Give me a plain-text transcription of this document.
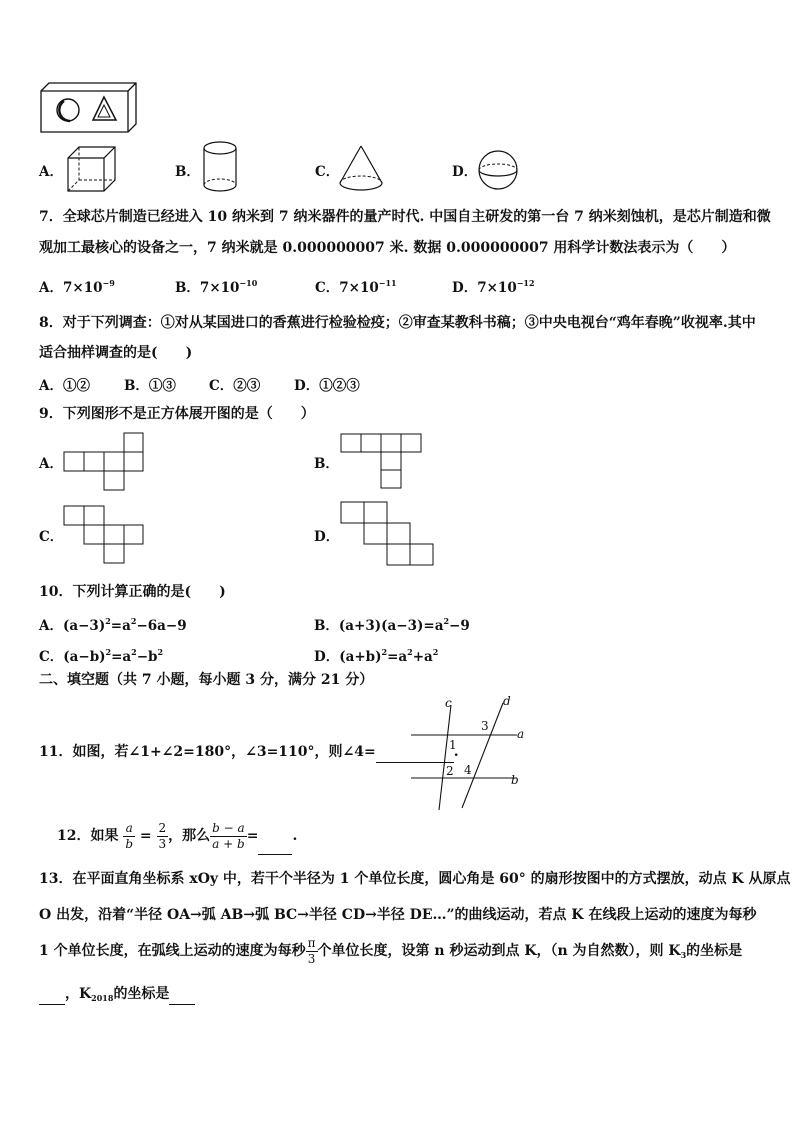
A．	B．	C．	D．
7．全球芯片制造已经进入 10 纳米到 7 纳米器件的量产时代. 中国自主研发的第一台 7 纳米刻蚀机，是芯片制造和微
观加工最核心的设备之一，7 纳米就是 0.000000007 米. 数据 0.000000007 用科学计数法表示为（　　）
A．$7\times 10^{-9}$	B．$7\times 10^{-10}$	C．$7\times 10^{-11}$	D．$7\times 10^{-12}$
8．对于下列调查：①对从某国进口的香蕉进行检验检疫；②审查某教科书稿；③中央电视台“鸡年春晚”收视率.其中
适合抽样调查的是(　　)
A．①②	B．①③ C．②③	D．①②③
9．下列图形不是正方体展开图的是（　　）
A．	B．
C．	D．
10．下列计算正确的是(　　)
A．$(a-3)^2=a^2-6a-9$	B．$(a+3)(a-3)=a^2-9$
C．$(a-b)^2=a^2-b^2$	D．$(a+b)^2=a^2+a^2$
二、填空题（共 7 小题，每小题 3 分，满分 21 分）
11．如图，若∠1+∠2=180°，∠3=110°，则∠4=	.
c	d
a
b
1
2
3
4
12．如果 $\frac{a}{b} = \frac{2}{3}$ ，那么 $\frac{b - a}{a + b}$ = .
13．在平面直角坐标系 xOy 中，若干个半径为 1 个单位长度，圆心角是 60° 的扇形按图中的方式摆放，动点 K 从原点
O 出发，沿着“半径 OA→弧 AB→弧 BC→半径 CD→半径 DE…”的曲线运动，若点 K 在线段上运动的速度为每秒
1 个单位长度，在弧线上运动的速度为每秒 $\frac{\pi}{3}$ 个单位长度，设第 n 秒运动到点 K，（n 为自然数），则 $K_3$的坐标是
，$K_{2018}$的坐标是
